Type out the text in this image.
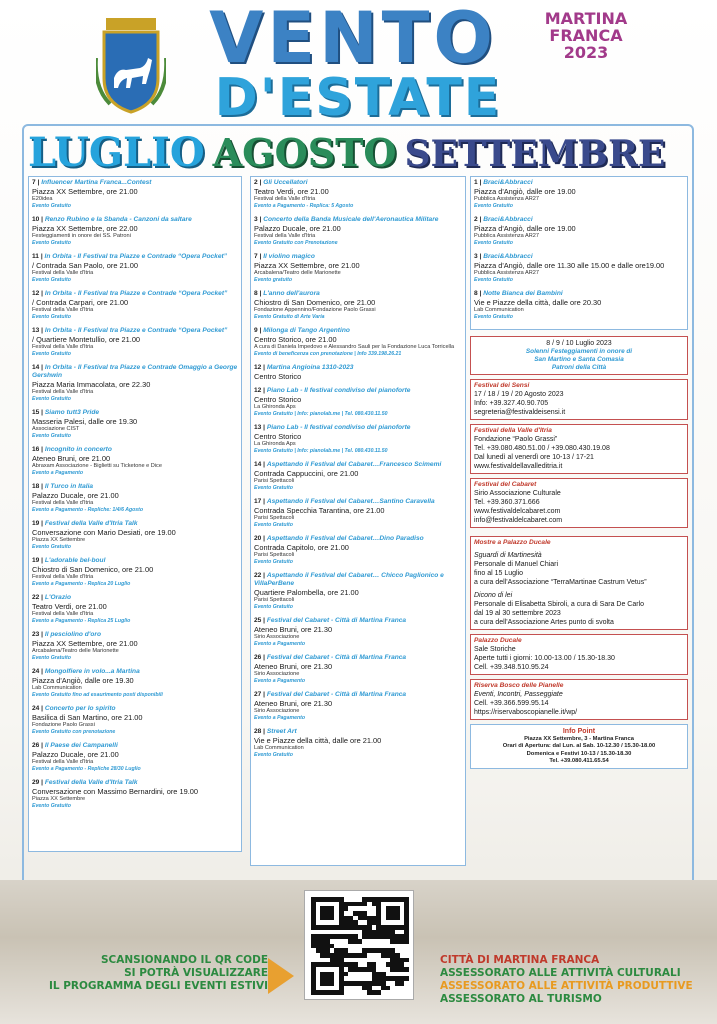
VENTO
D'ESTATE
MARTINA
FRANCA
2023
LUGLIO AGOSTO SETTEMBRE
7 | Influencer Martina Franca...Contest
Piazza XX Settembre, ore 21.00
E20idea
Evento Gratuito
10 | Renzo Rubino e la Sbanda - Canzoni da saltare
Piazza XX Settembre, ore 22.00
Festeggiamenti in onore dei SS. Patroni
Evento Gratuito
11 | In Orbita - Il Festival tra Piazze e Contrade “Opera Pocket”
/ Contrada San Paolo, ore 21.00
Festival della Valle d'Itria
Evento Gratuito
12 | In Orbita - Il Festival tra Piazze e Contrade “Opera Pocket”
/ Contrada Carpari, ore 21.00
Festival della Valle d'Itria
Evento Gratuito
13 | In Orbita - Il Festival tra Piazze e Contrade “Opera Pocket”
/ Quartiere Montetullio, ore 21.00
Festival della Valle d'Itria
Evento Gratuito
14 | In Orbita - Il Festival tra Piazze e Contrade Omaggio a George Gershwin
Piazza Maria Immacolata, ore 22.30
Festival della Valle d'Itria
Evento Gratuito
15 | Siamo tutt3 Pride
Masseria Palesi, dalle ore 19.30
Associazione CIST
Evento Gratuito
16 | Incognito in concerto
Ateneo Bruni, ore 21.00
Abraxam Associazione - Biglietti su Ticketone e Dice
Evento a Pagamento
18 | Il Turco in Italia
Palazzo Ducale, ore 21.00
Festival della Valle d'Itria
Evento a Pagamento - Repliche: 1/4/6 Agosto
19 | Festival della Valle d'Itria Talk
Conversazione con Mario Desiati, ore 19.00
Piazza XX Settembre
Evento Gratuito
19 | L'adorable bel-boul
Chiostro di San Domenico, ore 21.00
Festival della Valle d'Itria
Evento a Pagamento - Replica 20 Luglio
22 | L'Orazio
Teatro Verdi, ore 21.00
Festival della Valle d'Itria
Evento a Pagamento - Replica 25 Luglio
23 | Il pesciolino d'oro
Piazza XX Settembre, ore 21.00
Arcabalena/Teatro delle Marionette
Evento Gratuito
24 | Mongolfiere in volo...a Martina
Piazza d'Angiò, dalle ore 19.30
Lab Communication
Evento Gratuito fino ad esaurimento posti disponibili
24 | Concerto per lo spirito
Basilica di San Martino, ore 21.00
Fondazione Paolo Grassi
Evento Gratuito con prenotazione
26 | Il Paese dei Campanelli
Palazzo Ducale, ore 21.00
Festival della Valle d'Itria
Evento a Pagamento - Repliche 28/30 Luglio
29 | Festival della Valle d'Itria Talk
Conversazione con Massimo Bernardini, ore 19.00
Piazza XX Settembre
Evento Gratuito
2 | Gli Uccellatori
Teatro Verdi, ore 21.00
Festival della Valle d'Itria
Evento a Pagamento - Replica: 5 Agosto
3 | Concerto della Banda Musicale dell'Aeronautica Militare
Palazzo Ducale, ore 21.00
Festival della Valle d'Itria
Evento Gratuito con Prenotazione
7 | Il violino magico
Piazza XX Settembre, ore 21.00
Arcabalena/Teatro delle Marionette
Evento gratuito
8 | L'anno dell'aurora
Chiostro di San Domenico, ore 21.00
Fondazione Appennino/Fondazione Paolo Grassi
Evento Gratuito di Arte Varia
9 | Milonga di Tango Argentino
Centro Storico, ore 21.00
A cura di Daniela Impedovo e Alessandro Sauli per la Fondazione Luca Torricella
Evento di beneficenza con prenotazione | Info 339.198.26.21
12 | Martina Angioina 1310-2023
Centro Storico
12 | Piano Lab - Il festival condiviso del pianoforte
Centro Storico
La Ghironda Aps
Evento Gratuito | Info: pianolab.me | Tel. 080.430.11.50
13 | Piano Lab - Il festival condiviso del pianoforte
Centro Storico
La Ghironda Aps
Evento Gratuito | Info: pianolab.me | Tel. 080.430.11.50
14 | Aspettando il Festival del Cabaret…Francesco Scimemi
Contrada Cappuccini, ore 21.00
Parisi Spettacoli
Evento Gratuito
17 | Aspettando il Festival del Cabaret…Santino Caravella
Contrada Specchia Tarantina, ore 21.00
Parisi Spettacoli
Evento Gratuito
20 | Aspettando il Festival del Cabaret…Dino Paradiso
Contrada Capitolo, ore 21.00
Parisi Spettacoli
Evento Gratuito
22 | Aspettando il Festival del Cabaret… Chicco Paglionico e VillaPerBene
Quartiere Palombella, ore 21.00
Parisi Spettacoli
Evento Gratuito
25 | Festival del Cabaret - Città di Martina Franca
Ateneo Bruni, ore 21.30
Sirio Associazione
Evento a Pagamento
26 | Festival del Cabaret - Città di Martina Franca
Ateneo Bruni, ore 21.30
Sirio Associazione
Evento a Pagamento
27 | Festival del Cabaret - Città di Martina Franca
Ateneo Bruni, ore 21.30
Sirio Associazione
Evento a Pagamento
28 | Street Art
Vie e Piazze della città, dalle ore 21.00
Lab Communication
Evento Gratuito
1 | Braci&Abbracci
Piazza d'Angiò, dalle ore 19.00
Pubblica Assistenza AR27
Evento Gratuito
2 | Braci&Abbracci
Piazza d'Angiò, dalle ore 19.00
Pubblica Assistenza AR27
Evento Gratuito
3 | Braci&Abbracci
Piazza d'Angiò, dalle ore 11.30 alle 15.00 e dalle ore19.00
Pubblica Assistenza AR27
Evento Gratuito
8 | Notte Bianca dei Bambini
Vie e Piazze della città, dalle ore 20.30
Lab Communication
Evento Gratuito
8 / 9 / 10 Luglio 2023
Solenni Festeggiamenti in onore di
San Martino e Santa Comasia
Patroni della Città
Festival dei Sensi
17 / 18 / 19 / 20 Agosto 2023
Info: +39.327.40.90.705
segreteria@festivaldeisensi.it
Festival della Valle d'Itria
Fondazione “Paolo Grassi”
Tel. +39.080.480.51.00 / +39.080.430.19.08
Dal lunedì al venerdì ore 10-13 / 17-21
www.festivaldellavalleditria.it
Festival del Cabaret
Sirio Associazione Culturale
Tel. +39.360.371.666
www.festivaldelcabaret.com
info@festivaldelcabaret.com
Mostre a Palazzo Ducale
Sguardi di Martinesità
Personale di Manuel Chiari
fino al 15 Luglio
a cura dell'Associazione “TerraMartinae Castrum Vetus”
Dicono di lei
Personale di Elisabetta Sbiroli, a cura di Sara De Carlo
dal 19 al 30 settembre 2023
a cura dell'Associazione Artes punto di svolta
Palazzo Ducale
Sale Storiche
Aperte tutti i giorni: 10.00-13.00 / 15.30-18.30
Cell. +39.348.510.95.24
Riserva Bosco delle Pianelle
Eventi, Incontri, Passeggiate
Cell. +39.366.599.95.14
https://riservaboscopianelle.it/wp/
Info Point
Piazza XX Settembre, 3 - Martina Franca
Orari di Apertura: dal Lun. al Sab. 10-12.30 / 15.30-18.00
Domenica e Festivi 10-13 / 15.30-18.30
Tel. +39.080.411.65.54
SCANSIONANDO IL QR CODE
SI POTRÀ VISUALIZZARE
IL PROGRAMMA DEGLI EVENTI ESTIVI
CITTÀ DI MARTINA FRANCA
ASSESSORATO ALLE ATTIVITÀ CULTURALI
ASSESSORATO ALLE ATTIVITÀ PRODUTTIVE
ASSESSORATO AL TURISMO
